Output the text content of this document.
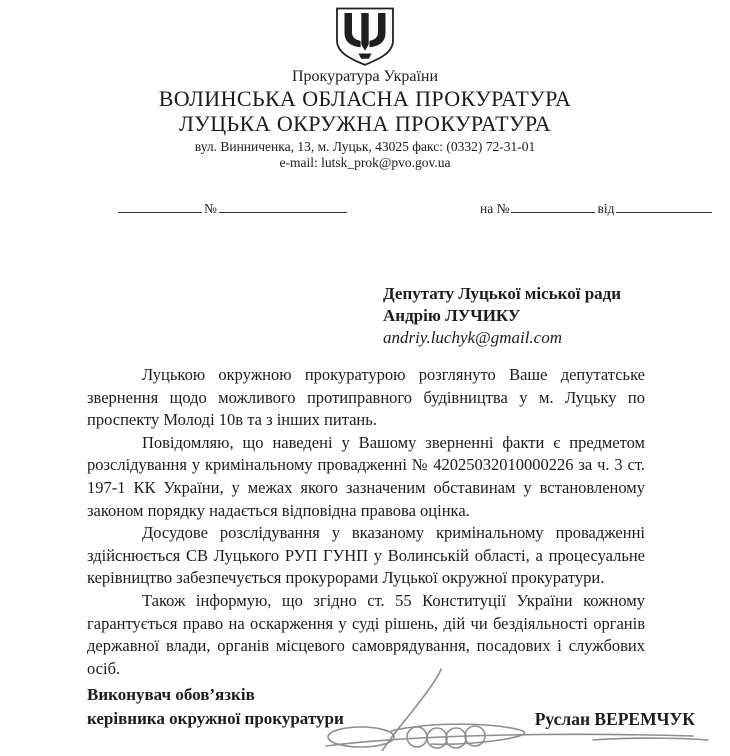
Прокуратура України
ВОЛИНСЬКА ОБЛАСНА ПРОКУРАТУРА
ЛУЦЬКА ОКРУЖНА ПРОКУРАТУРА
вул. Винниченка, 13, м. Луцьк, 43025 факс: (0332) 72-31-01
e-mail: lutsk_prok@pvo.gov.ua
№	на №	від
Депутату Луцької міської ради
Андрію ЛУЧИКУ
andriy.luchyk@gmail.com

Луцькою окружною прокуратурою розглянуто Ваше депутатське звернення щодо можливого протиправного будівництва у м. Луцьку по проспекту Молоді 10в та з інших питань.

Повідомляю, що наведені у Вашому зверненні факти є предметом розслідування у кримінальному провадженні № 42025032010000226 за ч. 3 ст. 197-1 КК України, у межах якого зазначеним обставинам у встановленому законом порядку надається відповідна правова оцінка.

Досудове розслідування у вказаному кримінальному провадженні здійснюється СВ Луцького РУП ГУНП у Волинській області, а процесуальне керівництво забезпечується прокурорами Луцької окружної прокуратури.

Також інформую, що згідно ст. 55 Конституції України кожному гарантується право на оскарження у суді рішень, дій чи бездіяльності органів державної влади, органів місцевого самоврядування, посадових і службових осіб.

Виконувач обов’язків
керівника окружної прокуратури	Руслан ВЕРЕМЧУК
